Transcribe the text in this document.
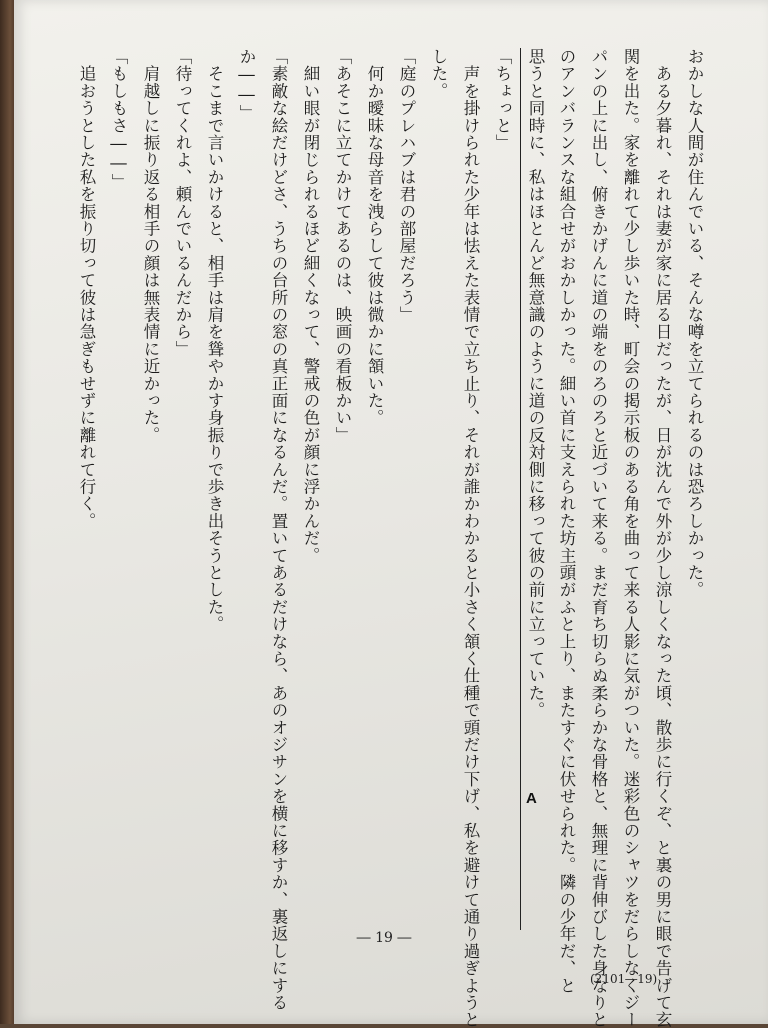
おかしな人間が住んでいる、そんな噂を立てられるのは恐ろしかった。
　ある夕暮れ、それは妻が家に居る日だったが、日が沈んで外が少し涼しくなった頃、散歩に行くぞ、と裏の男に眼で告げて玄
関を出た。家を離れて少し歩いた時、町会の掲示板のある角を曲って来る人影に気がついた。迷彩色のシャツをだらしなくジー
パンの上に出し、俯きかげんに道の端をのろのろと近づいて来る。まだ育ち切らぬ柔らかな骨格と、無理に背伸びした身なりと
のアンバランスな組合せがおかしかった。細い首に支えられた坊主頭がふと上り、またすぐに伏せられた。隣の少年だ、と
思うと同時に、私はほとんど無意識のように道の反対側に移って彼の前に立っていた。
「ちょっと」
　声を掛けられた少年は怯えた表情で立ち止り、それが誰かわかると小さく頷く仕種で頭だけ下げ、私を避けて通り過ぎようと
した。
「庭のプレハブは君の部屋だろう」
　何か曖昧な母音を洩らして彼は微かに頷いた。
「あそこに立てかけてあるのは、映画の看板かい」
　細い眼が閉じられるほど細くなって、警戒の色が顔に浮かんだ。
「素敵な絵だけどさ、うちの台所の窓の真正面になるんだ。置いてあるだけなら、あのオジサンを横に移すか、裏返しにする
か――」
　そこまで言いかけると、相手は肩を聳やかす身振りで歩き出そうとした。
「待ってくれよ、頼んでいるんだから」
　肩越しに振り返る相手の顔は無表情に近かった。
「もしもさ――」
　追おうとした私を振り切って彼は急ぎもせずに離れて行く。
A
― 19 ―
(2101―19)
